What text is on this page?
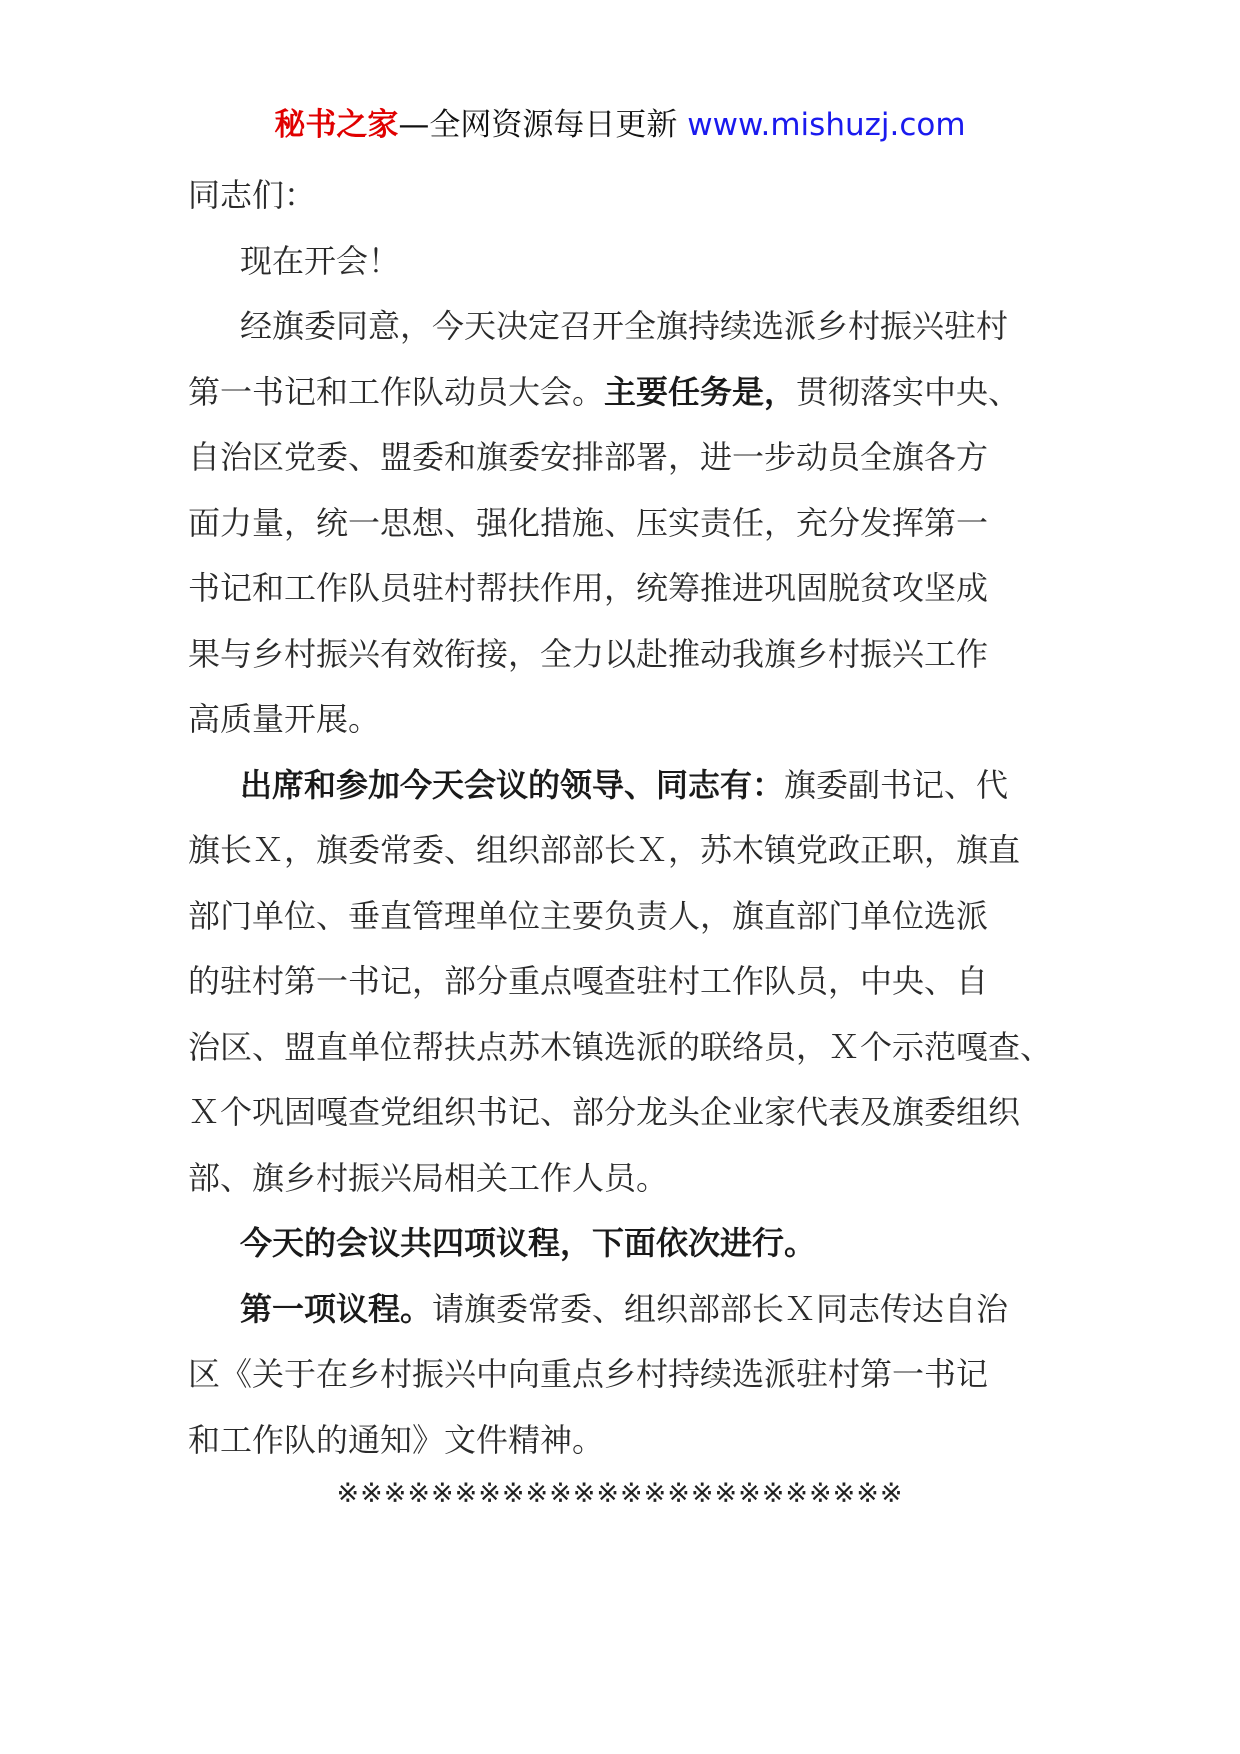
秘书之家—全网资源每日更新 www.mishuzj.com

同志们：

现在开会！

经旗委同意，今天决定召开全旗持续选派乡村振兴驻村
第一书记和工作队动员大会。主要任务是，贯彻落实中央、
自治区党委、盟委和旗委安排部署，进一步动员全旗各方
面力量，统一思想、强化措施、压实责任，充分发挥第一
书记和工作队员驻村帮扶作用，统筹推进巩固脱贫攻坚成
果与乡村振兴有效衔接，全力以赴推动我旗乡村振兴工作
高质量开展。

出席和参加今天会议的领导、同志有：旗委副书记、代
旗长Ｘ，旗委常委、组织部部长Ｘ，苏木镇党政正职，旗直
部门单位、垂直管理单位主要负责人，旗直部门单位选派
的驻村第一书记，部分重点嘎查驻村工作队员，中央、自
治区、盟直单位帮扶点苏木镇选派的联络员，Ｘ个示范嘎查、
Ｘ个巩固嘎查党组织书记、部分龙头企业家代表及旗委组织
部、旗乡村振兴局相关工作人员。

今天的会议共四项议程，下面依次进行。

第一项议程。请旗委常委、组织部部长Ｘ同志传达自治
区《关于在乡村振兴中向重点乡村持续选派驻村第一书记
和工作队的通知》文件精神。

※※※※※※※※※※※※※※※※※※※※※※※※
